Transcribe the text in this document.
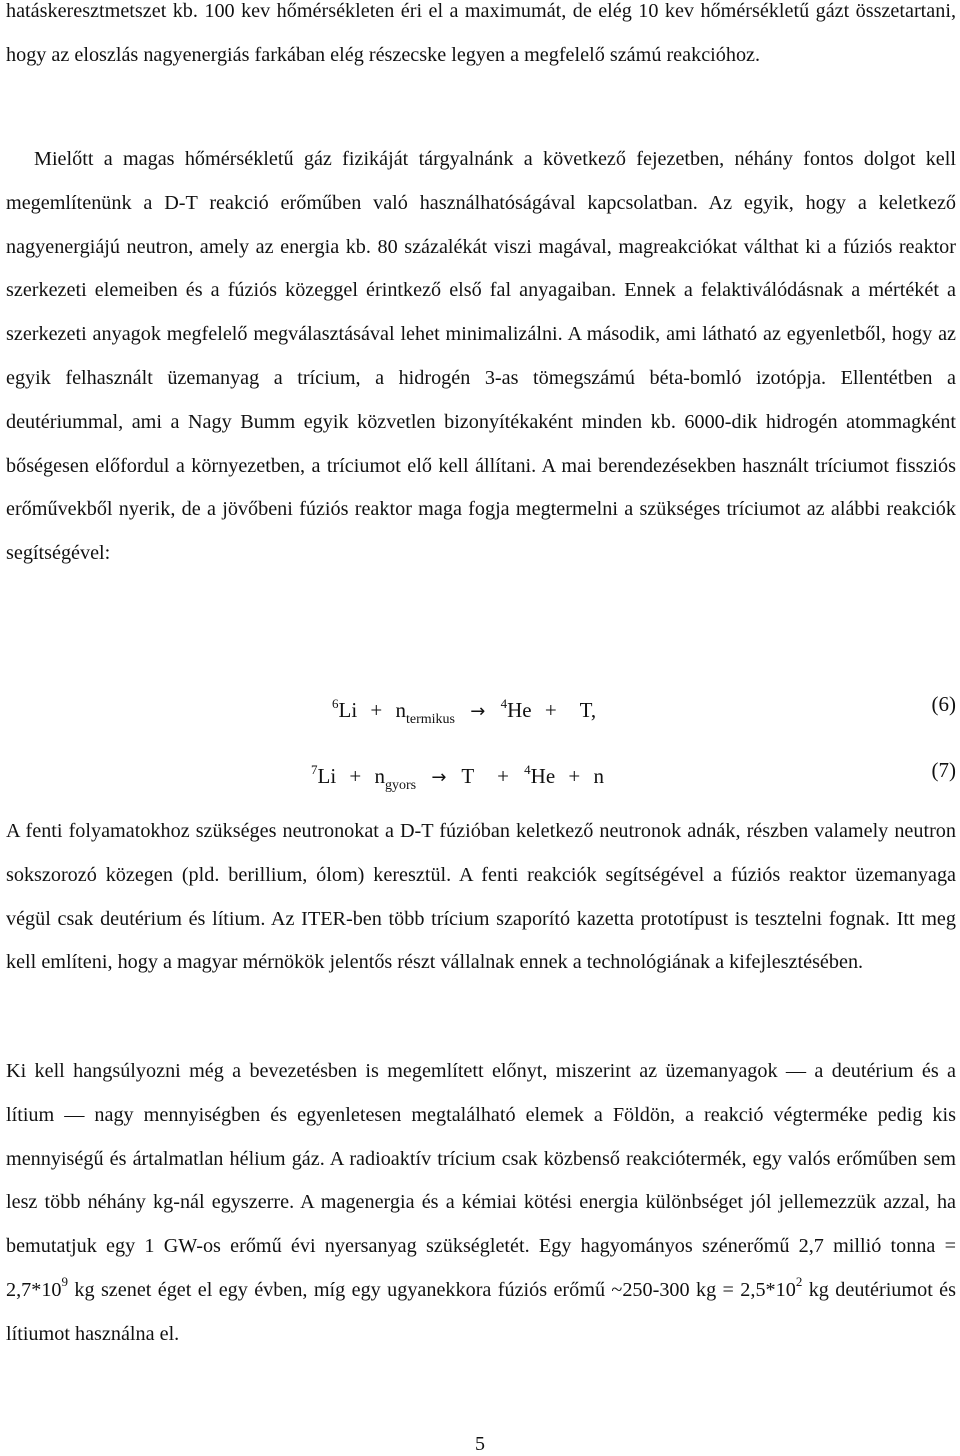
hatáskeresztmetszet kb. 100 kev hőmérsékleten éri el a maximumát, de elég 10 kev hőmérsékletű gázt összetartani, hogy az eloszlás nagyenergiás farkában elég részecske legyen a megfelelő számú reakcióhoz.

Mielőtt a magas hőmérsékletű gáz fizikáját tárgyalnánk a következő fejezetben, néhány fontos dolgot kell megemlítenünk a D-T reakció erőműben való használhatóságával kapcsolatban. Az egyik, hogy a keletkező nagyenergiájú neutron, amely az energia kb. 80 százalékát viszi magával, magreakciókat válthat ki a fúziós reaktor szerkezeti elemeiben és a fúziós közeggel érintkező első fal anyagaiban. Ennek a felaktiválódásnak a mértékét a szerkezeti anyagok megfelelő megválasztásával lehet minimalizálni. A második, ami látható az egyenletből, hogy az egyik felhasznált üzemanyag a trícium, a hidrogén 3-as tömegszámú béta-bomló izotópja. Ellentétben a deutériummal, ami a Nagy Bumm egyik közvetlen bizonyítékaként minden kb. 6000-dik hidrogén atommagként bőségesen előfordul a környezetben, a tríciumot elő kell állítani. A mai berendezésekben használt tríciumot fissziós erőművekből nyerik, de a jövőbeni fúziós reaktor maga fogja megtermelni a szükséges tríciumot az alábbi reakciók segítségével:

$^6Li + n_{termikus} \to ^4He + T$,	(6)
$^7Li + n_{gyors} \to T + ^4He + n$	(7)

A fenti folyamatokhoz szükséges neutronokat a D-T fúzióban keletkező neutronok adnák, részben valamely neutron sokszorozó közegen (pld. berillium, ólom) keresztül. A fenti reakciók segítségével a fúziós reaktor üzemanyaga végül csak deutérium és lítium. Az ITER-ben több trícium szaporító kazetta prototípust is tesztelni fognak. Itt meg kell említeni, hogy a magyar mérnökök jelentős részt vállalnak ennek a technológiának a kifejlesztésében.

Ki kell hangsúlyozni még a bevezetésben is megemlített előnyt, miszerint az üzemanyagok — a deutérium és a lítium — nagy mennyiségben és egyenletesen megtalálható elemek a Földön, a reakció végterméke pedig kis mennyiségű és ártalmatlan hélium gáz. A radioaktív trícium csak közbenső reakciótermék, egy valós erőműben sem lesz több néhány kg-nál egyszerre. A magenergia és a kémiai kötési energia különbséget jól jellemezzük azzal, ha bemutatjuk egy 1 GW-os erőmű évi nyersanyag szükségletét. Egy hagyományos szénerőmű 2,7 millió tonna = $2,7*10^9$ kg szenet éget el egy évben, míg egy ugyanekkora fúziós erőmű ~250-300 kg = $2,5*10^2$ kg deutériumot és lítiumot használna el.

5
